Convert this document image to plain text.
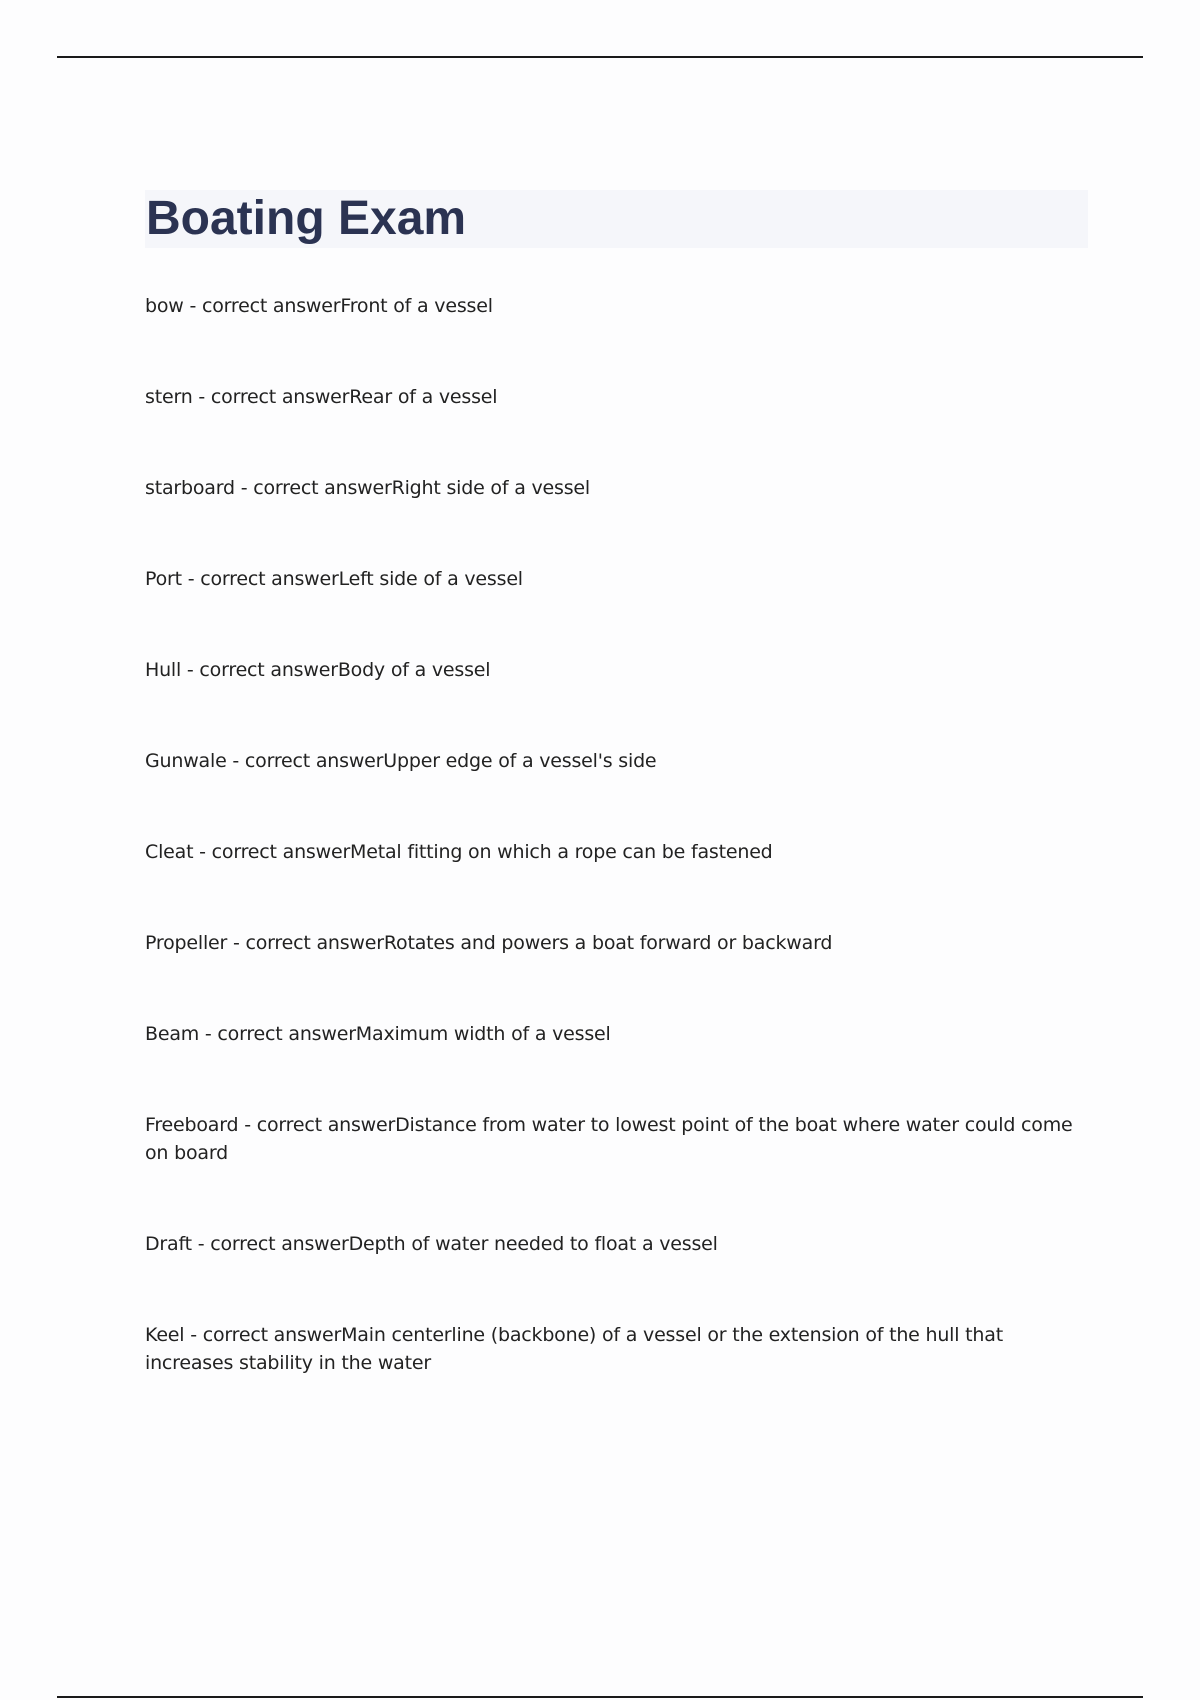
Boating Exam
bow - correct answerFront of a vessel
stern - correct answerRear of a vessel
starboard - correct answerRight side of a vessel
Port - correct answerLeft side of a vessel
Hull - correct answerBody of a vessel
Gunwale - correct answerUpper edge of a vessel's side
Cleat - correct answerMetal fitting on which a rope can be fastened
Propeller - correct answerRotates and powers a boat forward or backward
Beam - correct answerMaximum width of a vessel
Freeboard - correct answerDistance from water to lowest point of the boat where water could come on board
Draft - correct answerDepth of water needed to float a vessel
Keel - correct answerMain centerline (backbone) of a vessel or the extension of the hull that increases stability in the water
